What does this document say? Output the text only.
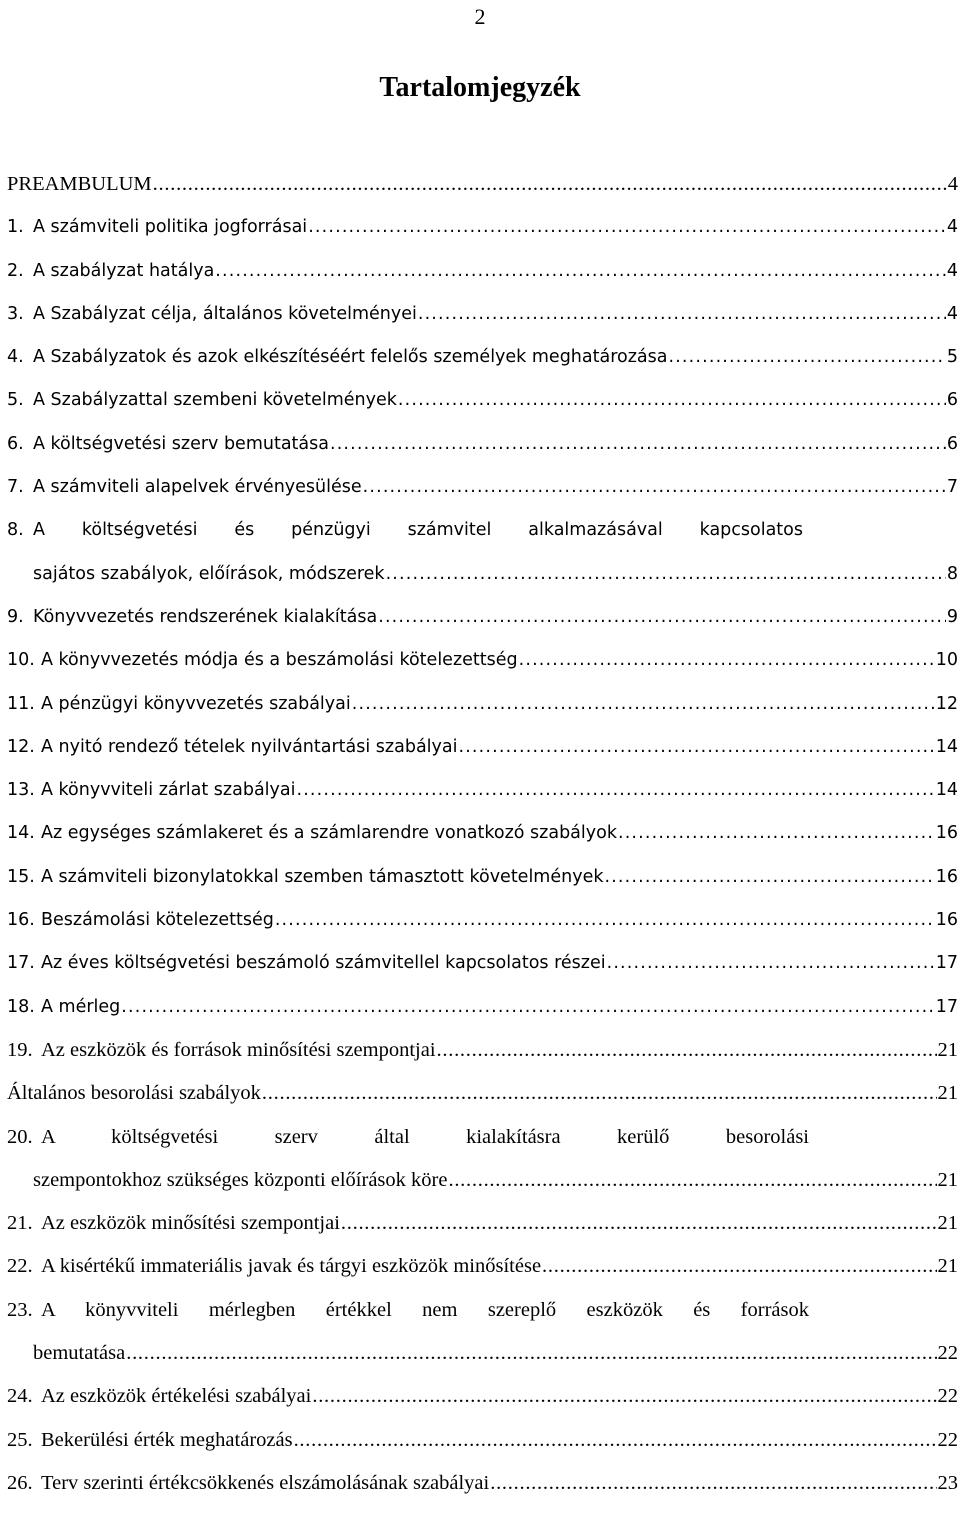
2
Tartalomjegyzék
PREAMBULUM . . .	4
1. A számviteli politika jogforrásai . . .	4
2. A szabályzat hatálya . . .	4
3. A Szabályzat célja, általános követelményei . . .	4
4. A Szabályzatok és azok elkészítéséért felelős személyek meghatározása . . .	5
5. A Szabályzattal szembeni követelmények . . .	6
6. A költségvetési szerv bemutatása . . .	6
7. A számviteli alapelvek érvényesülése . . .	7
8. A költségvetési és pénzügyi számvitel alkalmazásával kapcsolatos
sajátos szabályok, előírások, módszerek . . .	8
9. Könyvvezetés rendszerének kialakítása . . .	9
10. A könyvvezetés módja és a beszámolási kötelezettség . . .	10
11. A pénzügyi könyvvezetés szabályai . . .	12
12. A nyitó rendező tételek nyilvántartási szabályai . . .	14
13. A könyvviteli zárlat szabályai . . .	14
14. Az egységes számlakeret és a számlarendre vonatkozó szabályok . . .	16
15. A számviteli bizonylatokkal szemben támasztott követelmények . . .	16
16. Beszámolási kötelezettség . . .	16
17. Az éves költségvetési beszámoló számvitellel kapcsolatos részei . . .	17
18. A mérleg . . .	17
19. Az eszközök és források minősítési szempontjai . . .	21
Általános besorolási szabályok . . .	21
20. A költségvetési szerv által kialakításra kerülő besorolási
szempontokhoz szükséges központi előírások köre . . .	21
21. Az eszközök minősítési szempontjai . . .	21
22. A kisértékű immateriális javak és tárgyi eszközök minősítése . . .	21
23. A könyvviteli mérlegben értékkel nem szereplő eszközök és források
bemutatása . . .	22
24. Az eszközök értékelési szabályai . . .	22
25. Bekerülési érték meghatározás . . .	22
26. Terv szerinti értékcsökkenés elszámolásának szabályai . . .	23
